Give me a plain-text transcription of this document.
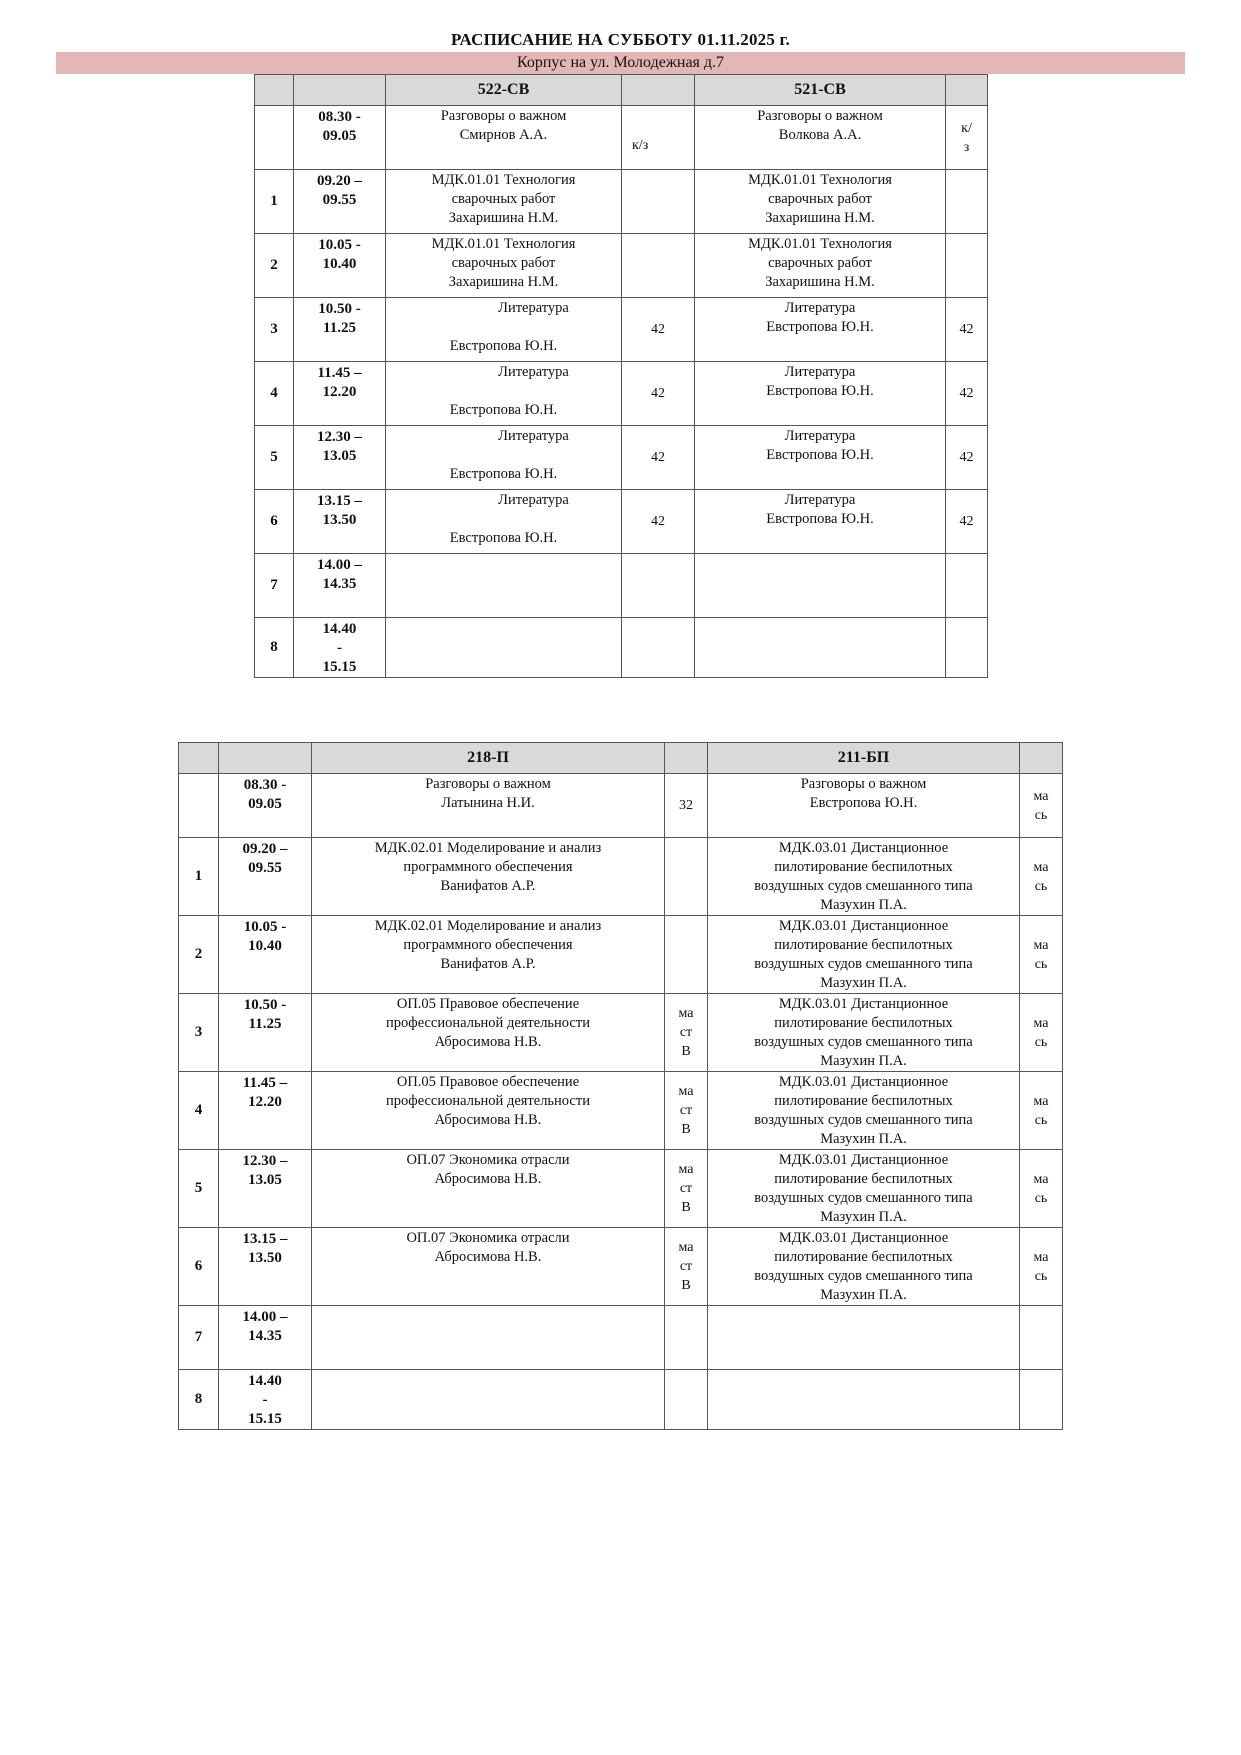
РАСПИСАНИЕ НА СУББОТУ 01.11.2025 г.
Корпус на ул. Молодежная д.7
		522-СВ		521-СВ	

	08.30 -
09.05	Разговоры о важном
Смирнов А.А.	к/з	Разговоры о важном
Волкова А.А.	к/
з

1	09.20 –
09.55	МДК.01.01 Технология
сварочных работ
Захаришина Н.М.		МДК.01.01 Технология
сварочных работ
Захаришина Н.М.	

2	10.05 -
10.40	МДК.01.01 Технология
сварочных работ
Захаришина Н.М.		МДК.01.01 Технология
сварочных работ
Захаришина Н.М.	

3	10.50 -
11.25	Литература
Евстропова Ю.Н.	42	Литература
Евстропова Ю.Н.	42
4	11.45 –
12.20	Литература
Евстропова Ю.Н.	42	Литература
Евстропова Ю.Н.	42
5	12.30 –
13.05	Литература
Евстропова Ю.Н.	42	Литература
Евстропова Ю.Н.	42
6	13.15 –
13.50	Литература
Евстропова Ю.Н.	42	Литература
Евстропова Ю.Н.	42
7	14.00 –
14.35				

8	14.40
-
15.15				

		218-П		211-БП	

	08.30 -
09.05	Разговоры о важном
Латынина Н.И.	32	Разговоры о важном
Евстропова Ю.Н.	ма
сь

1	09.20 –
09.55	МДК.02.01 Моделирование и анализ
программного обеспечения
Ванифатов А.Р.		МДК.03.01 Дистанционное
пилотирование беспилотных
воздушных судов смешанного типа
Мазухин П.А.	ма
сь

2	10.05 -
10.40	МДК.02.01 Моделирование и анализ
программного обеспечения
Ванифатов А.Р.		МДК.03.01 Дистанционное
пилотирование беспилотных
воздушных судов смешанного типа
Мазухин П.А.	ма
сь

3	10.50 -
11.25	ОП.05 Правовое обеспечение
профессиональной деятельности
Абросимова Н.В.	ма
ст
В	МДК.03.01 Дистанционное
пилотирование беспилотных
воздушных судов смешанного типа
Мазухин П.А.	ма
сь

4	11.45 –
12.20	ОП.05 Правовое обеспечение
профессиональной деятельности
Абросимова Н.В.	ма
ст
В	МДК.03.01 Дистанционное
пилотирование беспилотных
воздушных судов смешанного типа
Мазухин П.А.	ма
сь

5	12.30 –
13.05	ОП.07 Экономика отрасли
Абросимова Н.В.	ма
ст
В	МДК.03.01 Дистанционное
пилотирование беспилотных
воздушных судов смешанного типа
Мазухин П.А.	ма
сь

6	13.15 –
13.50	ОП.07 Экономика отрасли
Абросимова Н.В.	ма
ст
В	МДК.03.01 Дистанционное
пилотирование беспилотных
воздушных судов смешанного типа
Мазухин П.А.	ма
сь

7	14.00 –
14.35				

8	14.40
-
15.15				
